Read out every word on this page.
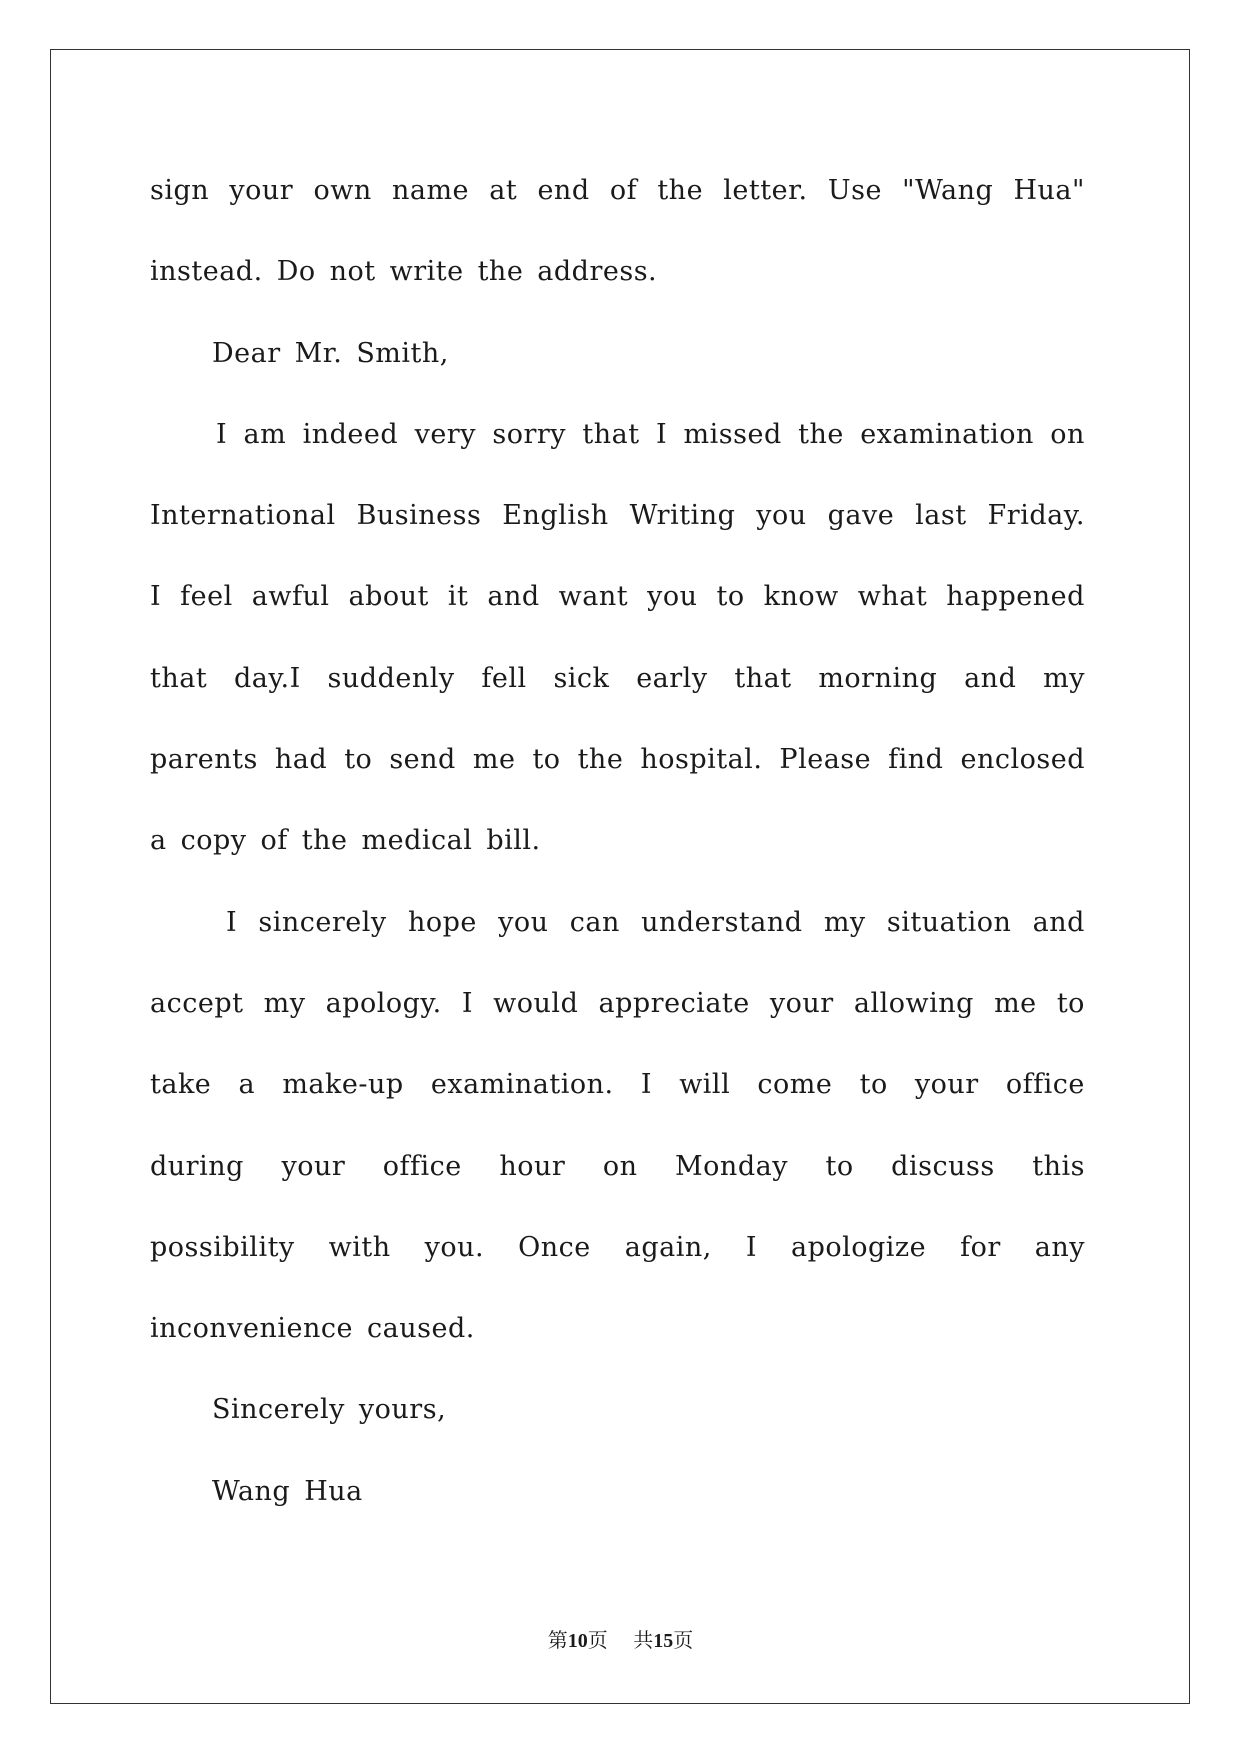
sign your own name at end of the letter. Use "Wang Hua"
instead. Do not write the address.
Dear Mr. Smith,
I am indeed very sorry that I missed the examination on
International Business English Writing you gave last Friday.
I feel awful about it and want you to know what happened
that day.I suddenly fell sick early that morning and my
parents had to send me to the hospital. Please find enclosed
a copy of the medical bill.
I sincerely hope you can understand my situation and
accept my apology. I would appreciate your allowing me to
take a make-up examination. I will come to your office
during your office hour on Monday to discuss this
possibility with you. Once again, I apologize for any
inconvenience caused.
Sincerely yours,
Wang Hua
第10页 共15页
